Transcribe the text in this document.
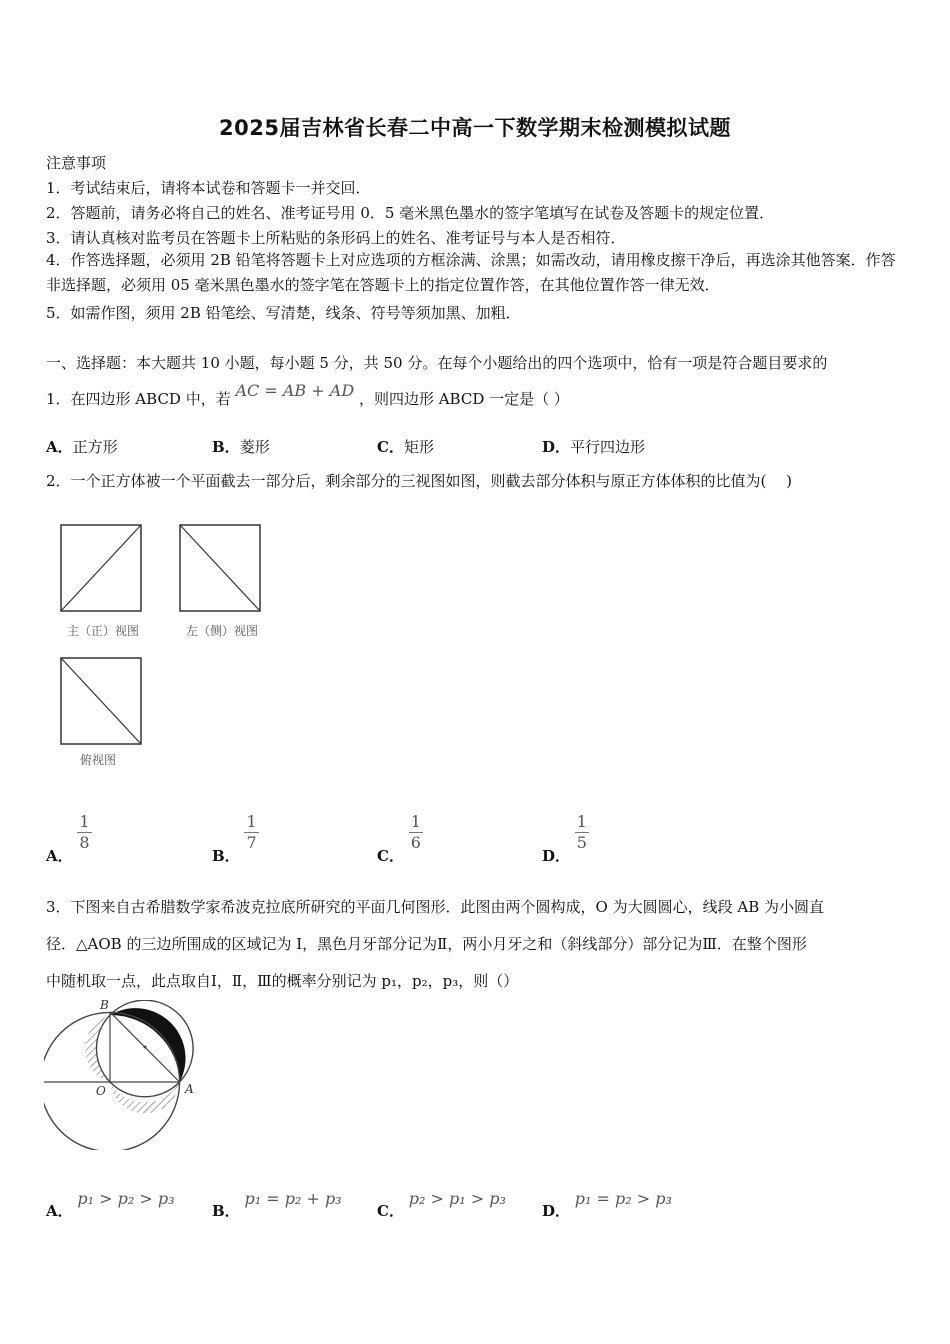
2025届吉林省长春二中高一下数学期末检测模拟试题
注意事项
1．考试结束后，请将本试卷和答题卡一并交回．
2．答题前，请务必将自己的姓名、准考证号用 0．5 毫米黑色墨水的签字笔填写在试卷及答题卡的规定位置．
3．请认真核对监考员在答题卡上所粘贴的条形码上的姓名、准考证号与本人是否相符．
4．作答选择题，必须用 2B 铅笔将答题卡上对应选项的方框涂满、涂黑；如需改动，请用橡皮擦干净后，再选涂其他答案．作答非选择题，必须用 05 毫米黑色墨水的签字笔在答题卡上的指定位置作答，在其他位置作答一律无效．
5．如需作图，须用 2B 铅笔绘、写清楚，线条、符号等须加黑、加粗．
一、选择题：本大题共 10 小题，每小题 5 分，共 50 分。在每个小题给出的四个选项中，恰有一项是符合题目要求的
1．在四边形 ABCD 中，若 AC = AB + AD ，则四边形 ABCD 一定是（ ）
A．正方形	B．菱形	C．矩形	D．平行四边形
2．一个正方体被一个平面截去一部分后，剩余部分的三视图如图，则截去部分体积与原正方体体积的比值为(　 )
主（正）视图	左（侧）视图
俯视图
A．
$\frac{1}{8}$
B．
$\frac{1}{7}$
C．
$\frac{1}{6}$
D．
$\frac{1}{5}$
3．下图来自古希腊数学家希波克拉底所研究的平面几何图形．此图由两个圆构成，O 为大圆圆心，线段 AB 为小圆直
径．△AOB 的三边所围成的区域记为 I，黑色月牙部分记为Ⅱ，两小月牙之和（斜线部分）部分记为Ⅲ．在整个图形
中随机取一点，此点取自Ⅰ，Ⅱ，Ⅲ的概率分别记为 p₁，p₂，p₃，则（）
B
O	A
A． p₁ > p₂ > p₃
B． p₁ = p₂ + p₃
C． p₂ > p₁ > p₃
D． p₁ = p₂ > p₃
